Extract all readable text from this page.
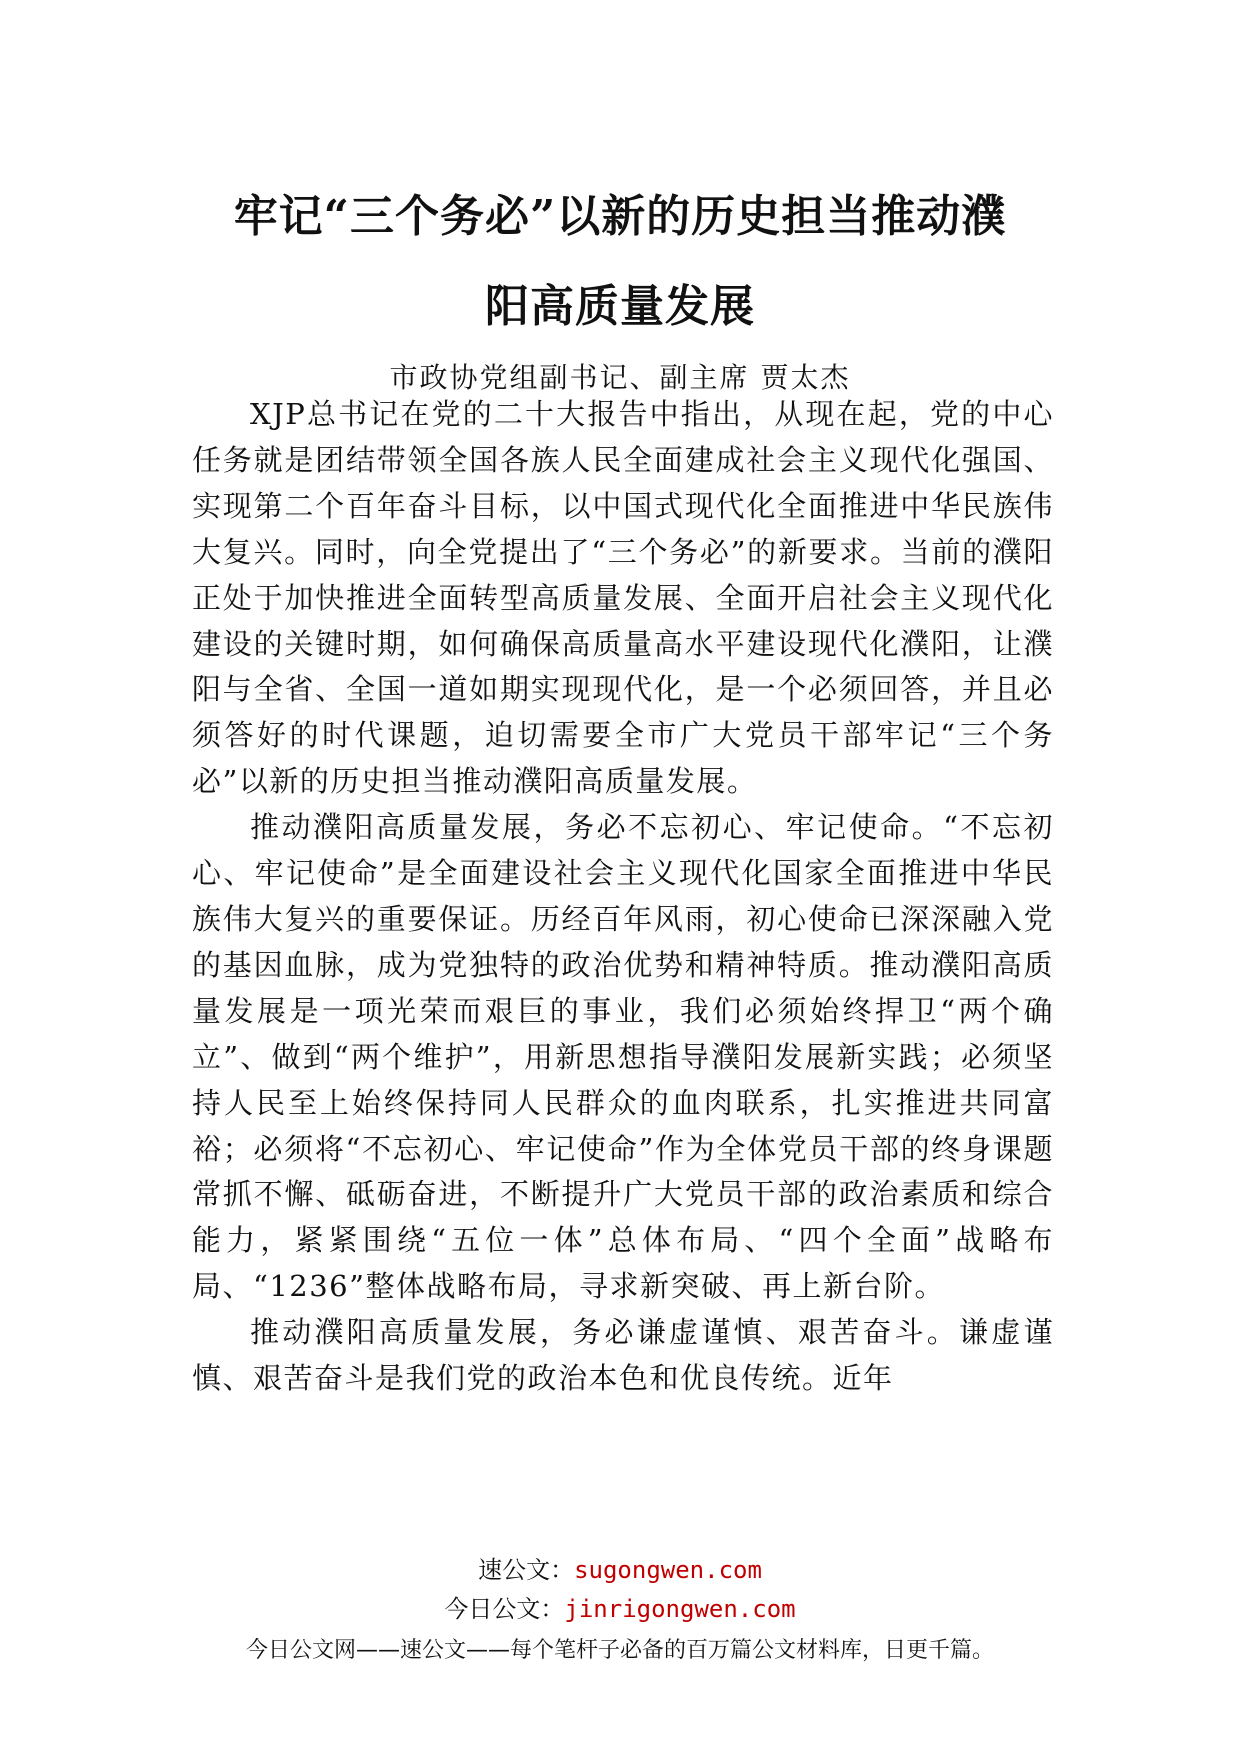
牢记“三个务必”以新的历史担当推动濮
阳高质量发展
市政协党组副书记、副主席 贾太杰

XJP总书记在党的二十大报告中指出，从现在起，党的中心任务就是团结带领全国各族人民全面建成社会主义现代化强国、实现第二个百年奋斗目标，以中国式现代化全面推进中华民族伟大复兴。同时，向全党提出了“三个务必”的新要求。当前的濮阳正处于加快推进全面转型高质量发展、全面开启社会主义现代化建设的关键时期，如何确保高质量高水平建设现代化濮阳，让濮阳与全省、全国一道如期实现现代化，是一个必须回答，并且必须答好的时代课题，迫切需要全市广大党员干部牢记“三个务必”以新的历史担当推动濮阳高质量发展。

推动濮阳高质量发展，务必不忘初心、牢记使命。“不忘初心、牢记使命”是全面建设社会主义现代化国家全面推进中华民族伟大复兴的重要保证。历经百年风雨，初心使命已深深融入党的基因血脉，成为党独特的政治优势和精神特质。推动濮阳高质量发展是一项光荣而艰巨的事业，我们必须始终捍卫“两个确立”、做到“两个维护”，用新思想指导濮阳发展新实践；必须坚持人民至上始终保持同人民群众的血肉联系，扎实推进共同富裕；必须将“不忘初心、牢记使命”作为全体党员干部的终身课题常抓不懈、砥砺奋进，不断提升广大党员干部的政治素质和综合能力，紧紧围绕“五位一体”总体布局、“四个全面”战略布局、“1236”整体战略布局，寻求新突破、再上新台阶。

推动濮阳高质量发展，务必谦虚谨慎、艰苦奋斗。谦虚谨慎、艰苦奋斗是我们党的政治本色和优良传统。近年

速公文：sugongwen.com
今日公文：jinrigongwen.com
今日公文网——速公文——每个笔杆子必备的百万篇公文材料库，日更千篇。
